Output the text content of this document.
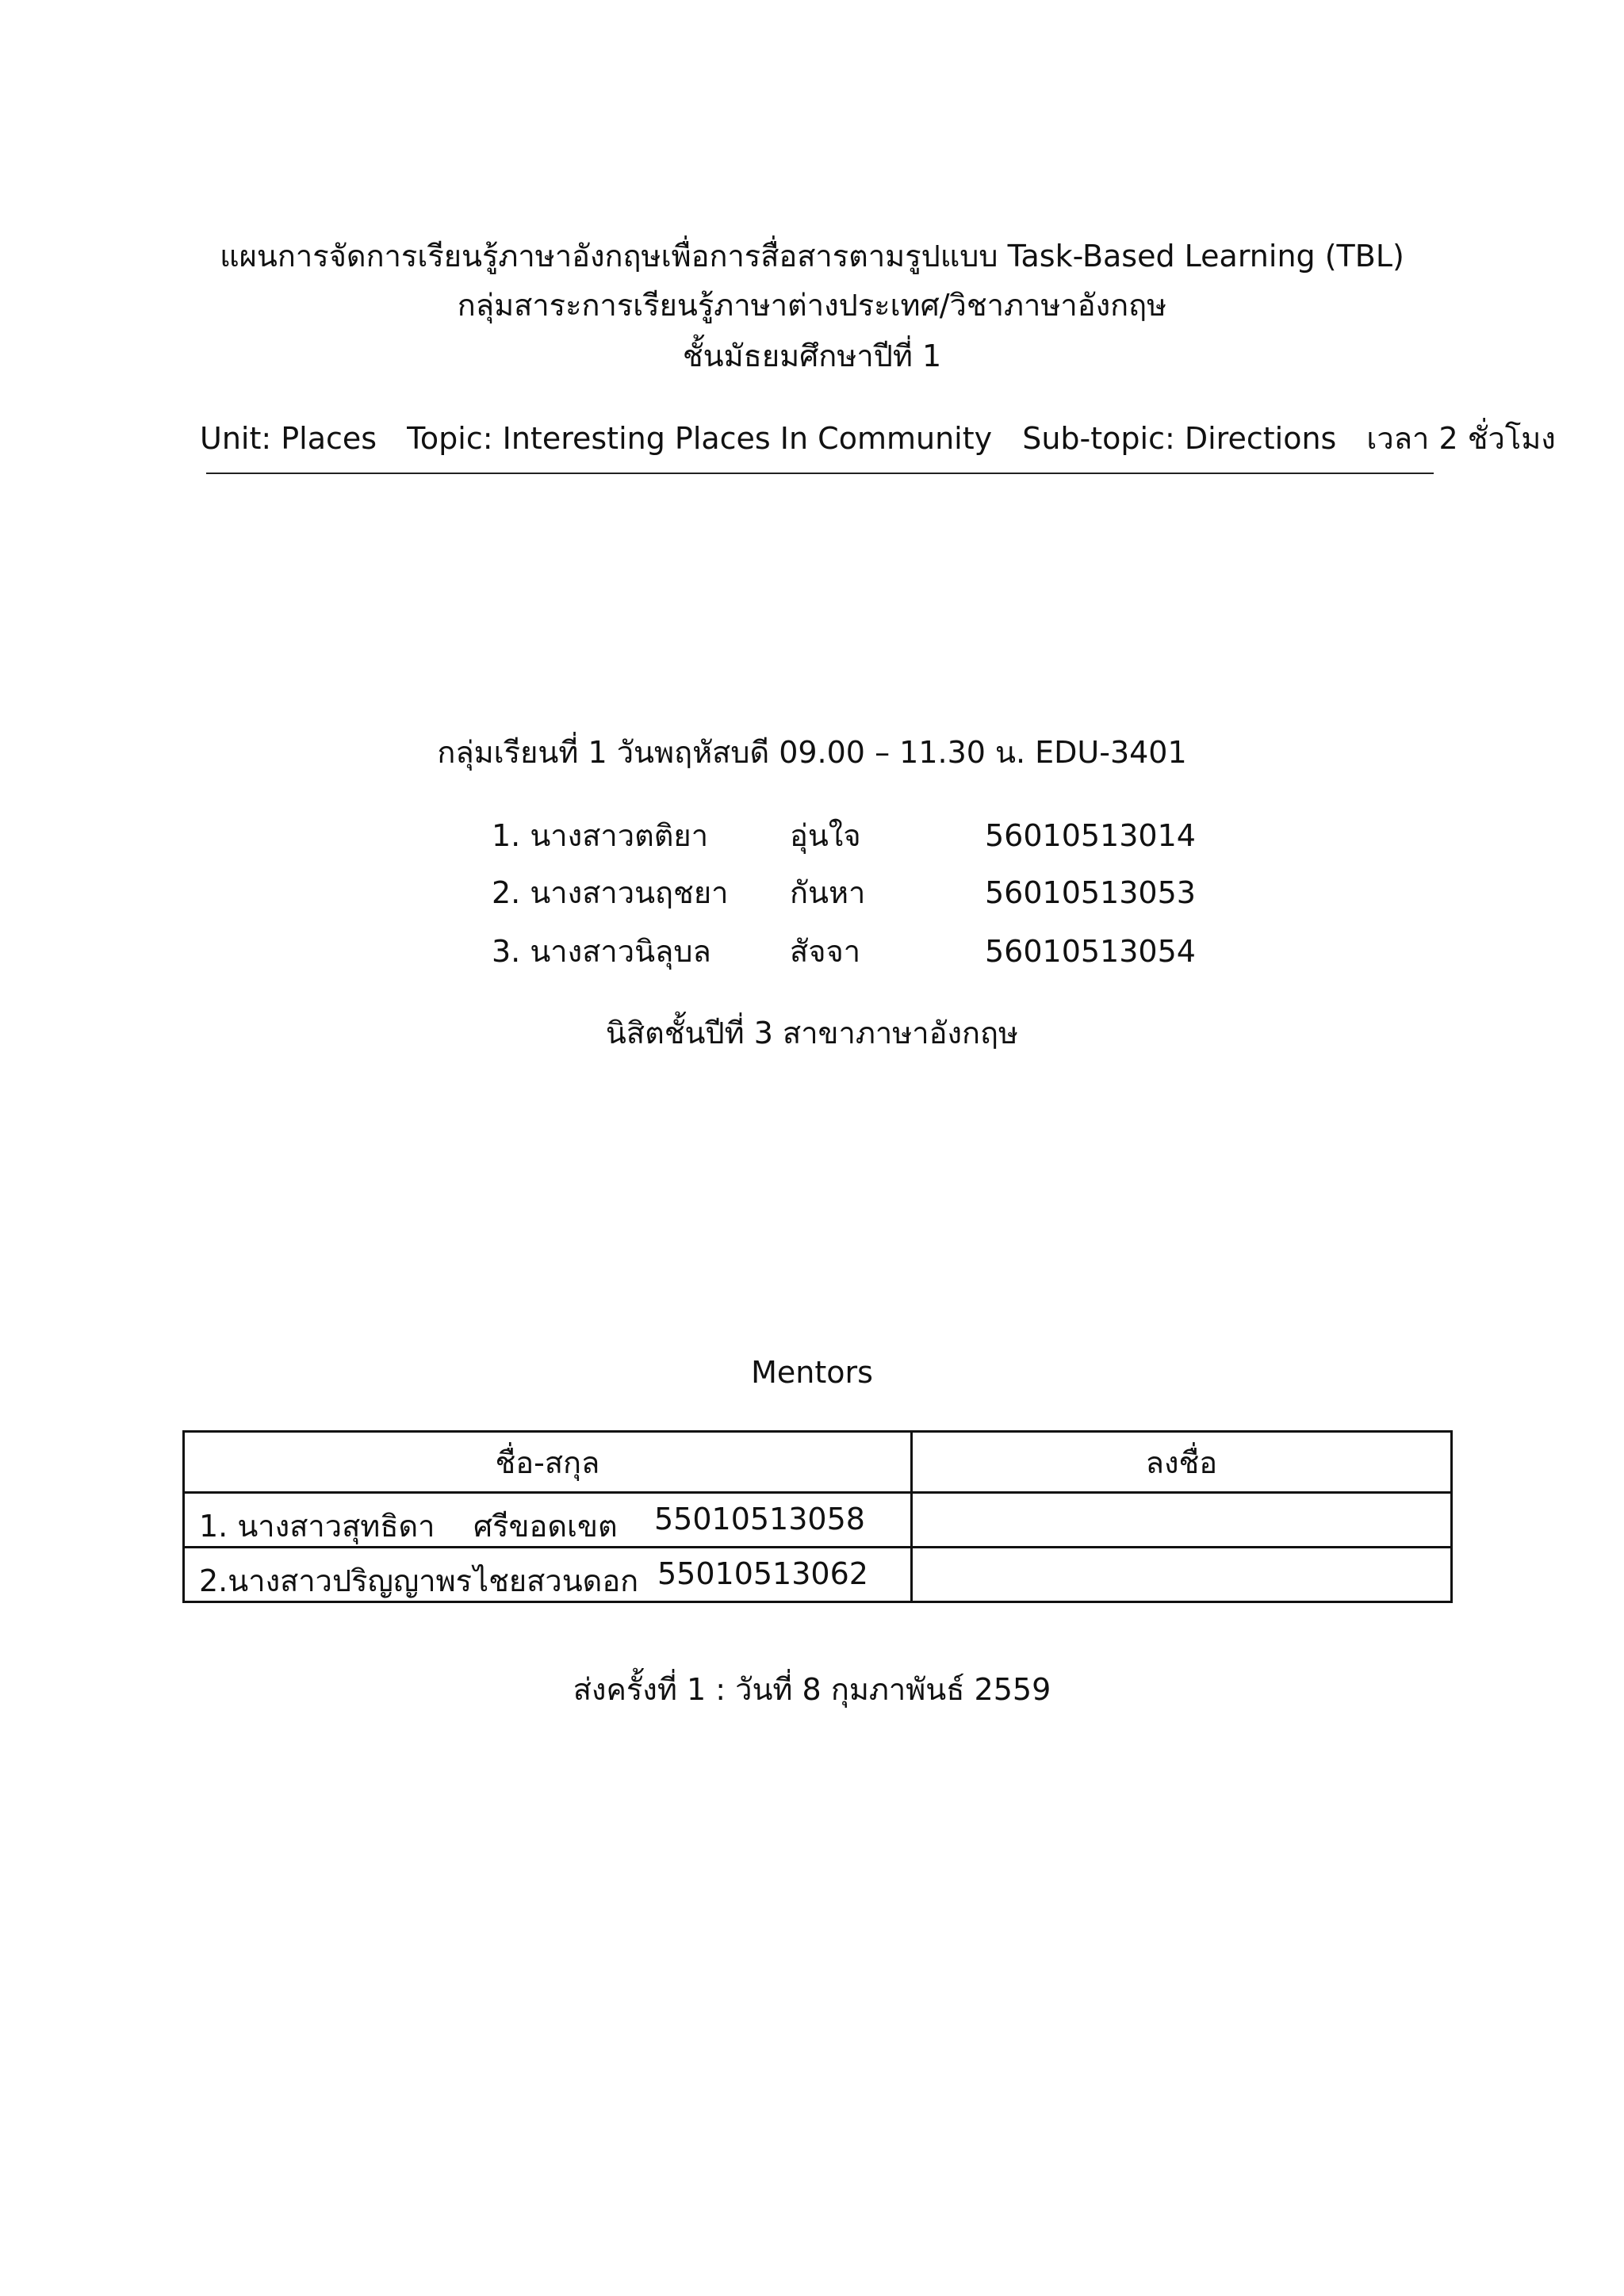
แผนการจัดการเรียนรู้ภาษาอังกฤษเพื่อการสื่อสารตามรูปแบบ Task-Based Learning (TBL)
กลุ่มสาระการเรียนรู้ภาษาต่างประเทศ/วิชาภาษาอังกฤษ
ชั้นมัธยมศึกษาปีที่ 1
Unit: Places Topic: Interesting Places In Community Sub-topic: Directions เวลา 2 ชั่วโมง
กลุ่มเรียนที่ 1 วันพฤหัสบดี 09.00 – 11.30 น. EDU-3401
1. นางสาวตติยา	อุ่นใจ	56010513014
2. นางสาวนฤชยา กันหา	56010513053
3. นางสาวนิลุบล	สัจจา	56010513054
นิสิตชั้นปีที่ 3 สาขาภาษาอังกฤษ
Mentors
ชื่อ-สกุล	ลงชื่อ

1. นางสาวสุทธิดา ศรีขอดเขต 55010513058	

2.นางสาวปริญญาพร ไชยสวนดอก 55010513062	

ส่งครั้งที่ 1 : วันที่ 8 กุมภาพันธ์ 2559
